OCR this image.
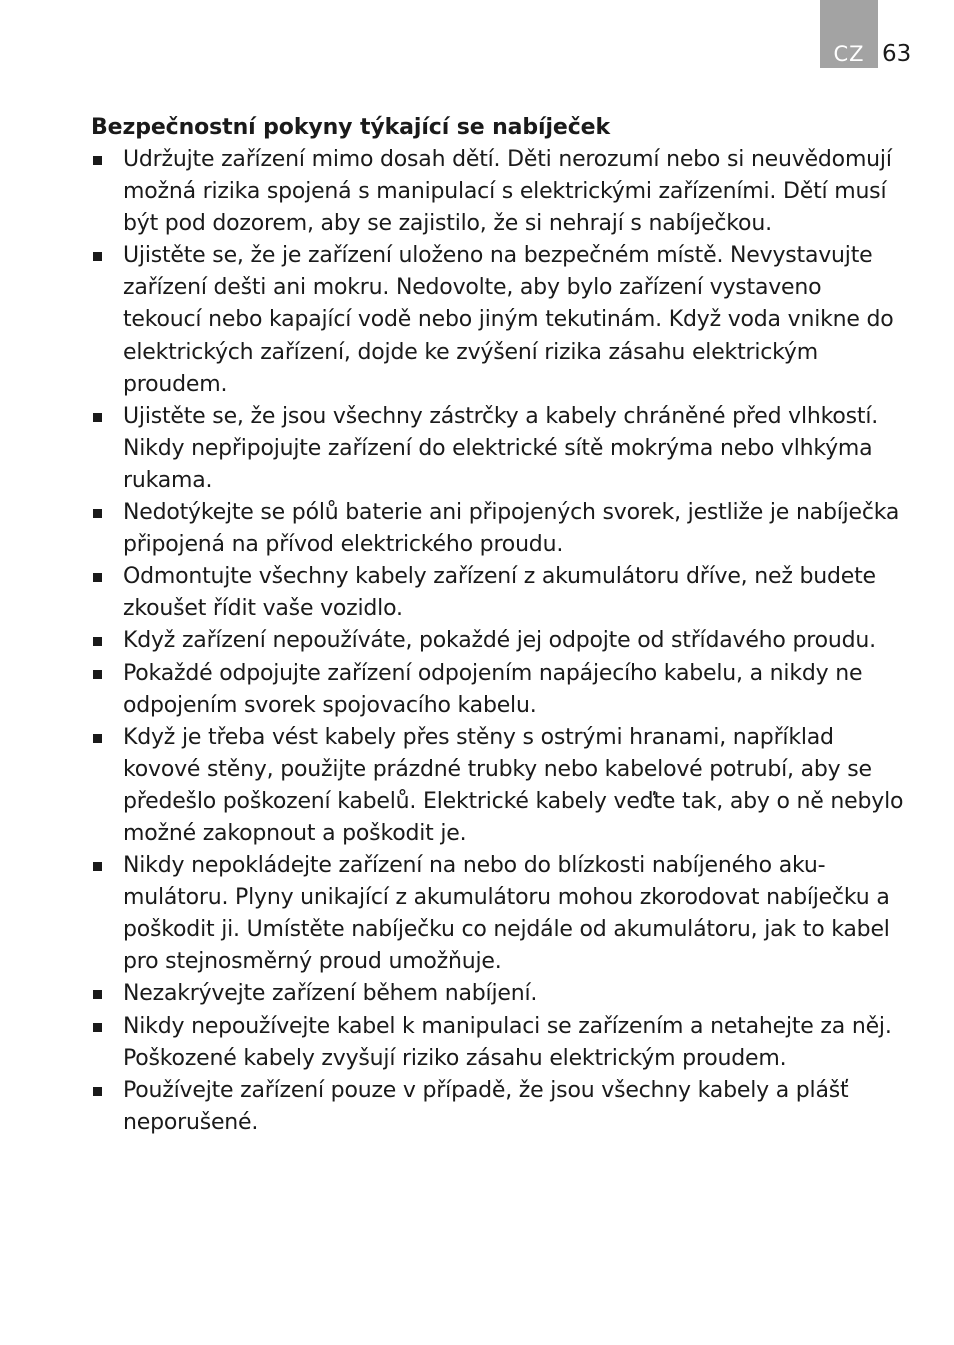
CZ 63
Bezpečnostní pokyny týkající se nabíječek
Udržujte zařízení mimo dosah dětí. Děti nerozumí nebo si neuvědomují možná rizika spojená s manipulací s elektrickými zařízeními. Dětí musí být pod dozorem, aby se zajistilo, že si nehrají s nabíječkou.
Ujistěte se, že je zařízení uloženo na bezpečném místě. Nevystavujte zařízení dešti ani mokru. Nedovolte, aby bylo zařízení vystaveno tekoucí nebo kapající vodě nebo jiným tekutinám. Když voda vnikne do elektrických zařízení, dojde ke zvýšení rizika zásahu elektrickým proudem.
Ujistěte se, že jsou všechny zástrčky a kabely chráněné před vlhkostí. Nikdy nepřipojujte zařízení do elektrické sítě mokrýma nebo vlhkýma rukama.
Nedotýkejte se pólů baterie ani připojených svorek, jestliže je nabíječka připojená na přívod elektrického proudu.
Odmontujte všechny kabely zařízení z akumulátoru dříve, než budete zkoušet řídit vaše vozidlo.
Když zařízení nepoužíváte, pokaždé jej odpojte od střídavého proudu.
Pokaždé odpojujte zařízení odpojením napájecího kabelu, a nikdy ne odpojením svorek spojovacího kabelu.
Když je třeba vést kabely přes stěny s ostrými hranami, například kovové stěny, použijte prázdné trubky nebo kabelové potrubí, aby se předešlo poškození kabelů. Elektrické kabely veďte tak, aby o ně nebylo možné zakopnout a poškodit je.
Nikdy nepokládejte zařízení na nebo do blízkosti nabíjeného akumulátoru. Plyny unikající z akumulátoru mohou zkorodovat nabíječku a poškodit ji. Umístěte nabíječku co nejdále od akumulátoru, jak to kabel pro stejnosměrný proud umožňuje.
Nezakrývejte zařízení během nabíjení.
Nikdy nepoužívejte kabel k manipulaci se zařízením a netahejte za něj. Poškozené kabely zvyšují riziko zásahu elektrickým proudem.
Používejte zařízení pouze v případě, že jsou všechny kabely a plášť neporušené.
